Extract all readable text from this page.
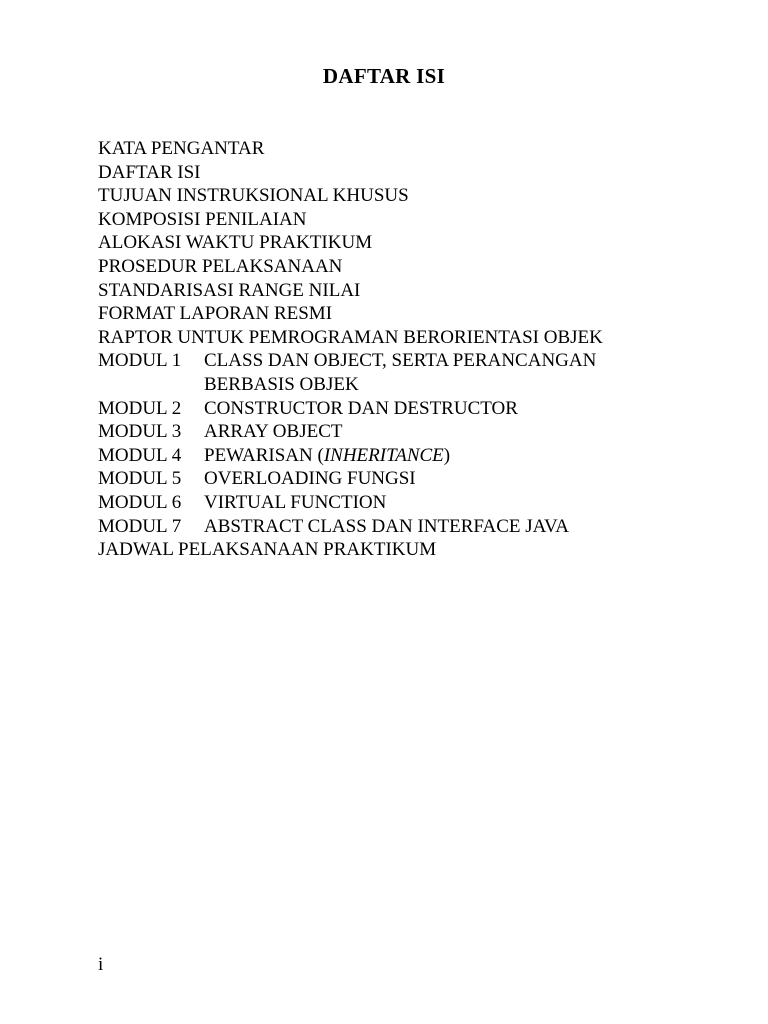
DAFTAR ISI
KATA PENGANTAR
DAFTAR ISI
TUJUAN INSTRUKSIONAL KHUSUS
KOMPOSISI PENILAIAN
ALOKASI WAKTU PRAKTIKUM
PROSEDUR PELAKSANAAN
STANDARISASI RANGE NILAI
FORMAT LAPORAN RESMI
RAPTOR UNTUK PEMROGRAMAN BERORIENTASI OBJEK
MODUL 1 CLASS DAN OBJECT, SERTA PERANCANGAN
BERBASIS OBJEK
MODUL 2 CONSTRUCTOR DAN DESTRUCTOR
MODUL 3 ARRAY OBJECT
MODUL 4 PEWARISAN (INHERITANCE)
MODUL 5 OVERLOADING FUNGSI
MODUL 6 VIRTUAL FUNCTION
MODUL 7 ABSTRACT CLASS DAN INTERFACE JAVA
JADWAL PELAKSANAAN PRAKTIKUM
i
